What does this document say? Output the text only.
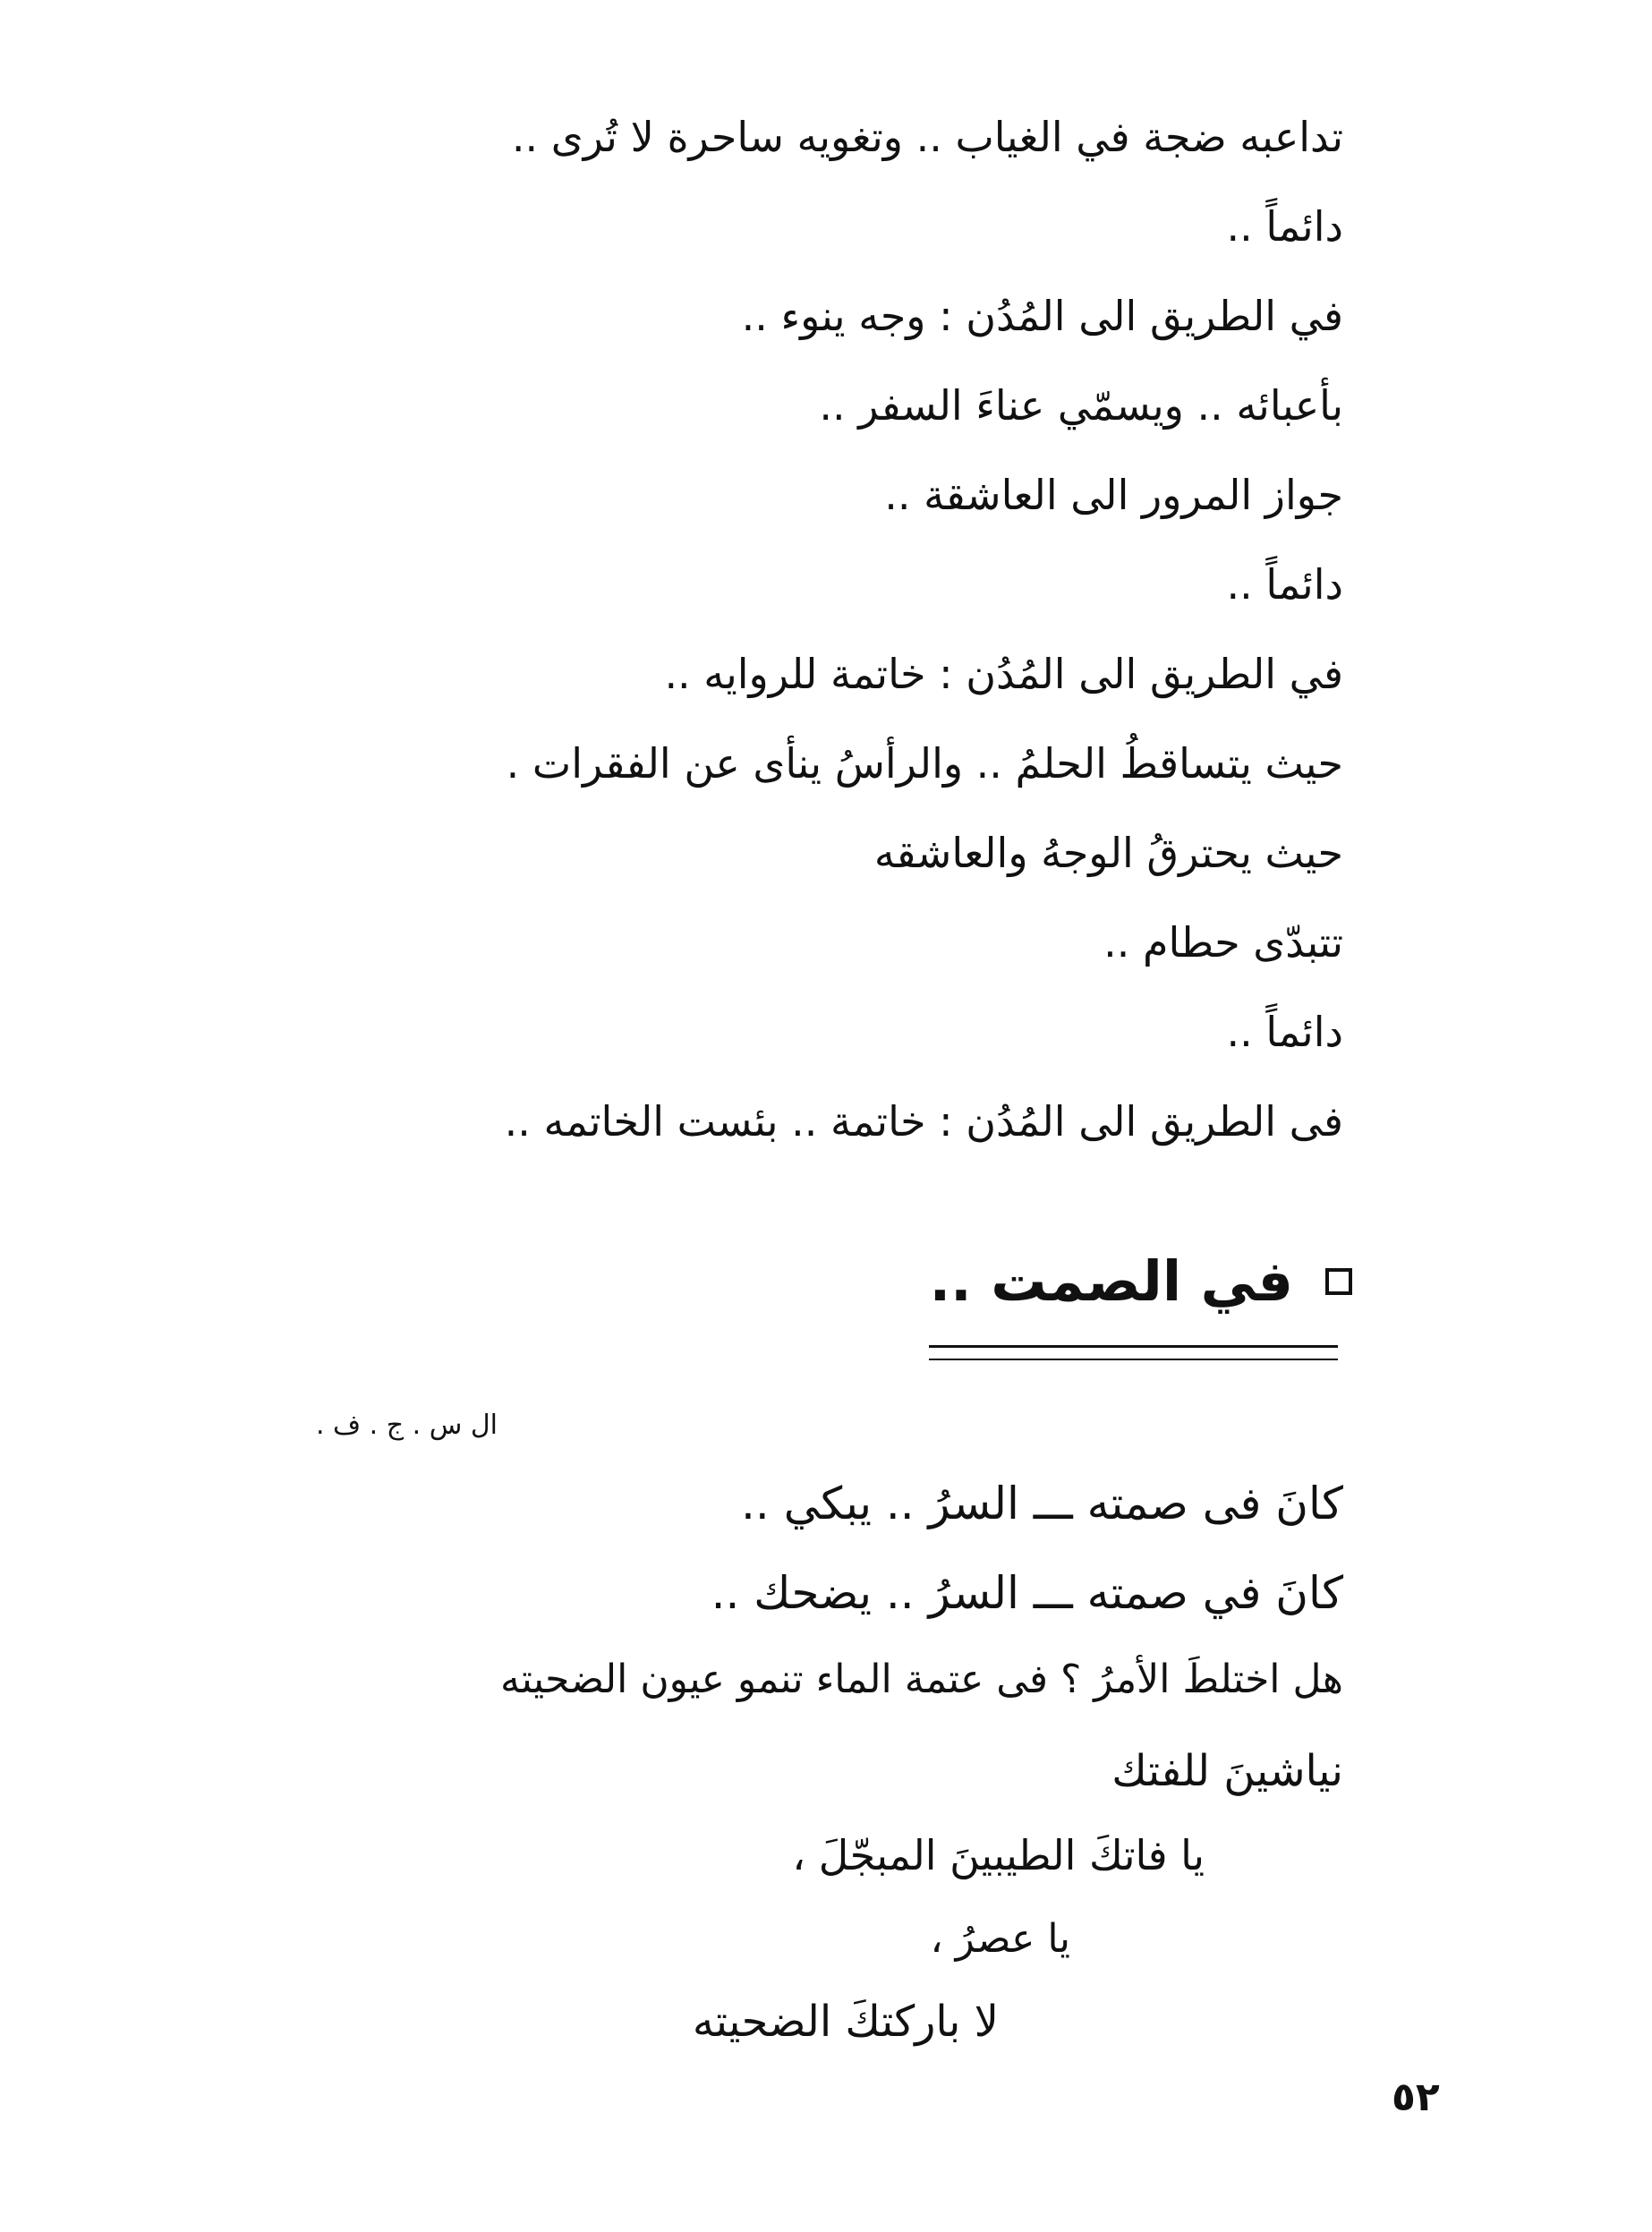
تداعبه ضجة في الغياب .. وتغويه ساحرة لا تُرى ..
دائماً ..
في الطريق الى المُدُن : وجه ينوء ..
بأعبائه .. ويسمّي عناءَ السفر ..
جواز المرور الى العاشقة ..
دائماً ..
في الطريق الى المُدُن : خاتمة للروايه ..
حيث يتساقطُ الحلمُ .. والرأسُ ينأى عن الفقرات .
حيث يحترقُ الوجهُ والعاشقه
تتبدّى حطام ..
دائماً ..
فى الطريق الى المُدُن : خاتمة .. بئست الخاتمه ..
في الصمت ..
ال س . ج . ف .
كانَ فى صمته ـــ السرُ .. يبكي ..
كانَ في صمته ـــ السرُ .. يضحك ..
هل اختلطَ الأمرُ ؟ فى عتمة الماء تنمو عيون الضحيته
نياشينَ للفتك
يا فاتكَ الطيبينَ المبجّلَ ،
يا عصرُ ،
لا باركتكَ الضحيته
٥٢
